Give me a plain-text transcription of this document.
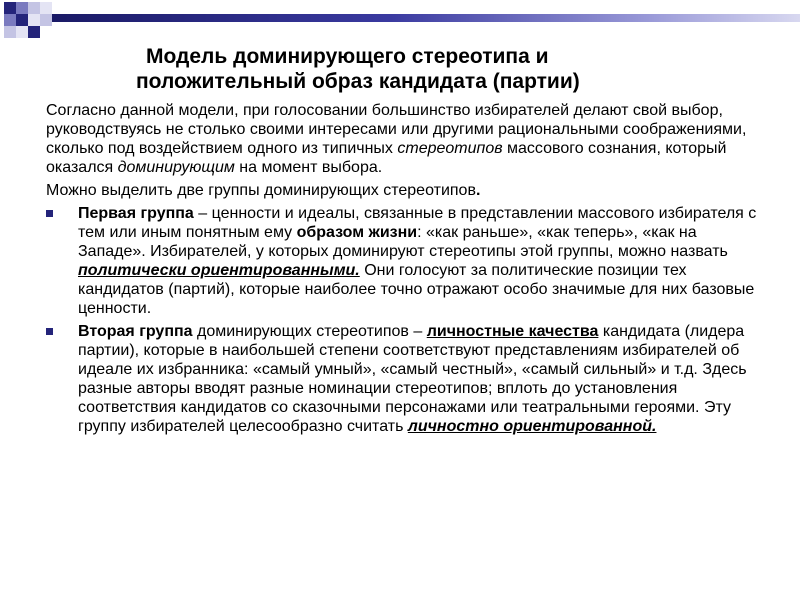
Модель доминирующего стереотипа и
положительный образ кандидата (партии)

Согласно данной модели, при голосовании большинство избирателей делают свой выбор, руководствуясь не столько своими интересами или другими рациональными соображениями, сколько под воздействием одного из типичных стереотипов массового сознания, который оказался доминирующим на момент выбора.

Можно выделить две группы доминирующих стереотипов.

Первая группа – ценности и идеалы, связанные в представлении массового избирателя с тем или иным понятным ему образом жизни: «как раньше», «как теперь», «как на Западе». Избирателей, у которых доминируют стереотипы этой группы, можно назвать политически ориентированными. Они голосуют за политические позиции тех кандидатов (партий), которые наиболее точно отражают особо значимые для них базовые ценности.
Вторая группа доминирующих стереотипов – личностные качества кандидата (лидера партии), которые в наибольшей степени соответствуют представлениям избирателей об идеале их избранника: «самый умный», «самый честный», «самый сильный» и т.д. Здесь разные авторы вводят разные номинации стереотипов; вплоть до установления соответствия кандидатов со сказочными персонажами или театральными героями. Эту группу избирателей целесообразно считать личностно ориентированной.
